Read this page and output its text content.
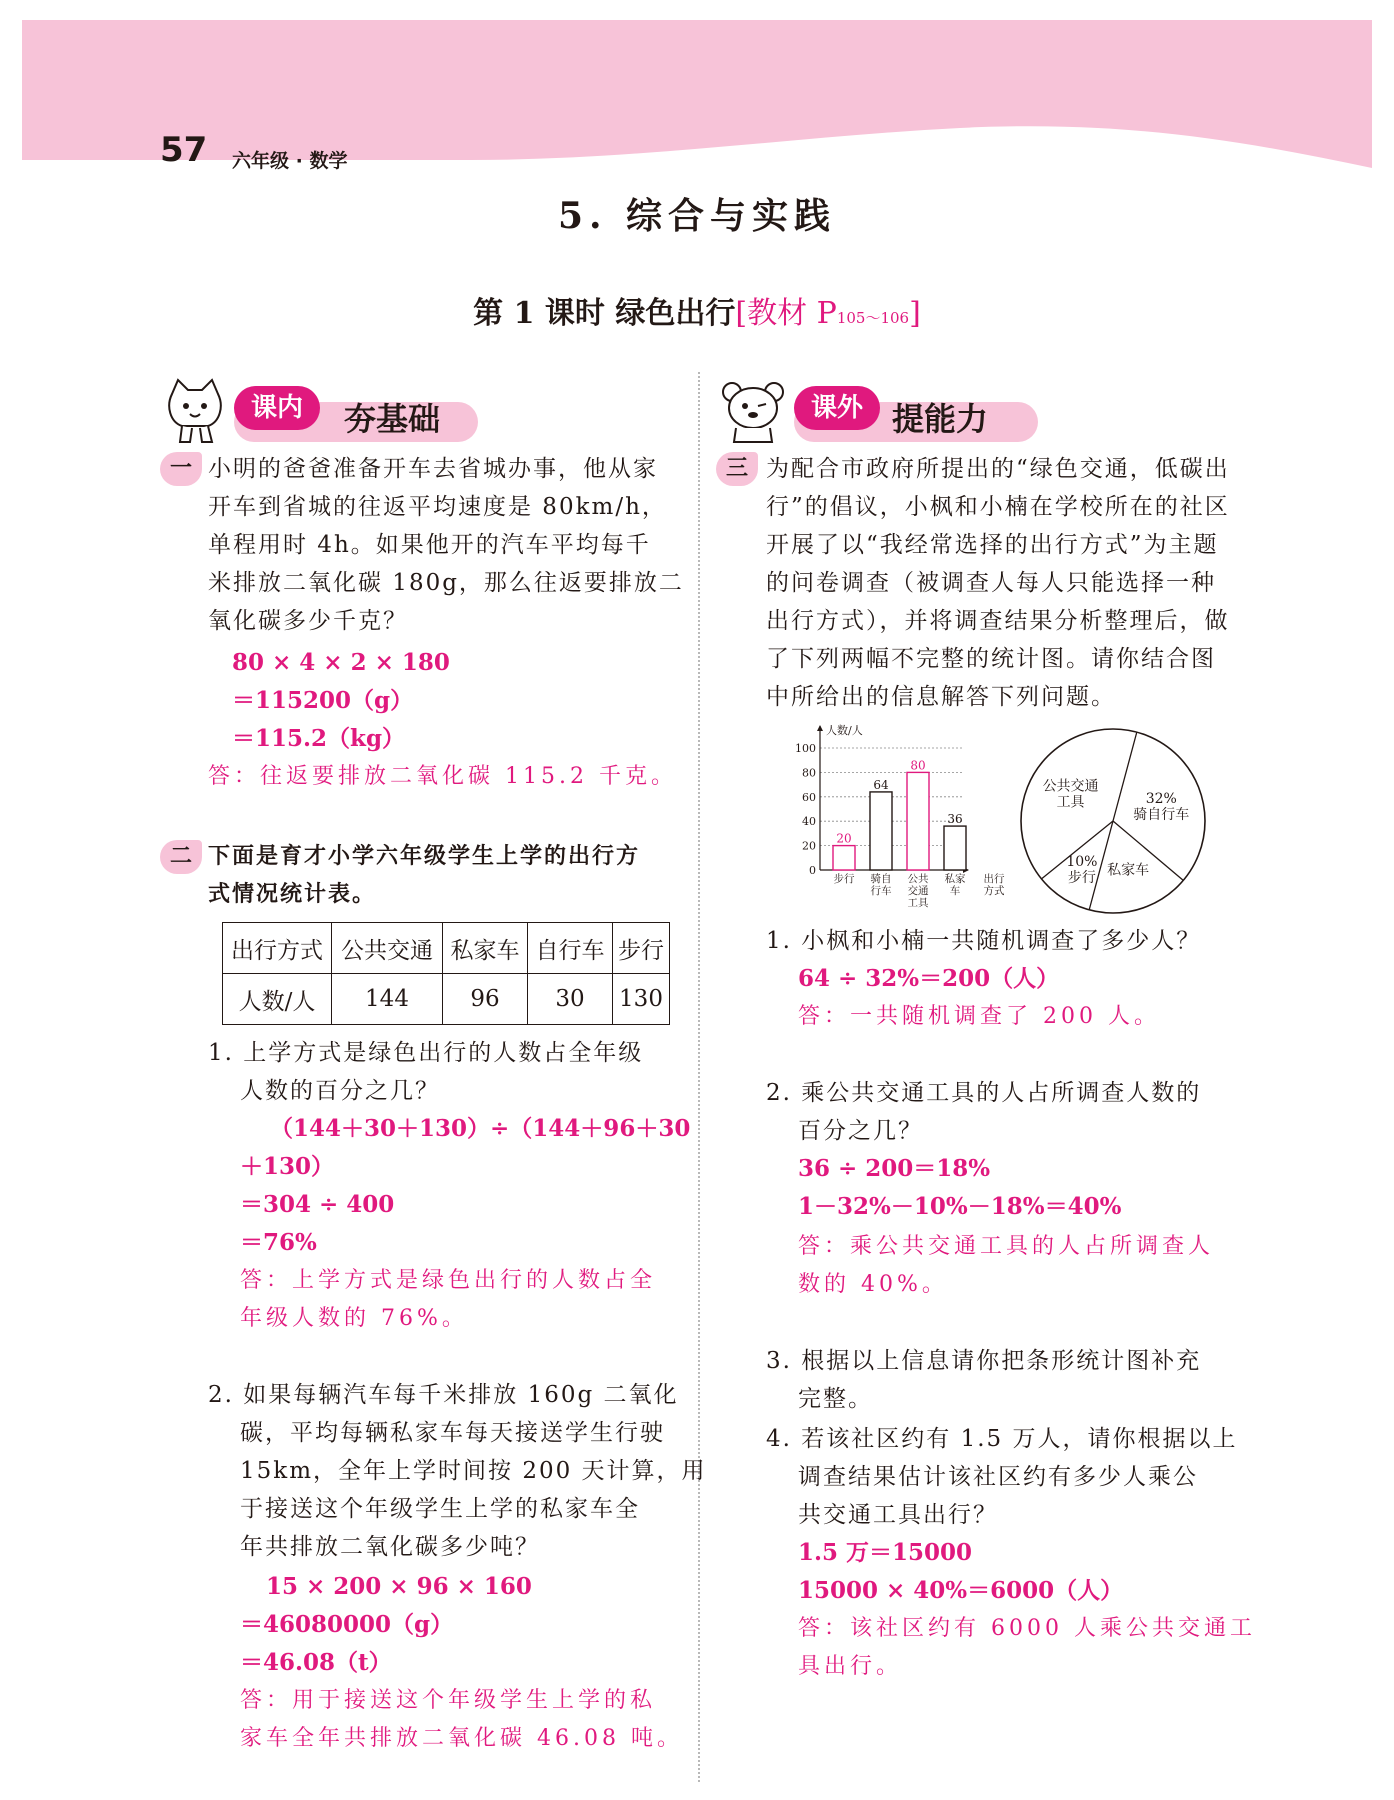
57 六年级 · 数学
5. 综合与实践
第 1 课时 绿色出行[教材 P105～106]
课内	夯基础	课外 提能力
一 小明的爸爸准备开车去省城办事，他从家
开车到省城的往返平均速度是 80km/h，
单程用时 4h。如果他开的汽车平均每千
米排放二氧化碳 180g，那么往返要排放二
氧化碳多少千克？
80 × 4 × 2 × 180
＝115200（g）
＝115.2（kg）
答：往返要排放二氧化碳 115.2 千克。
二 下面是育才小学六年级学生上学的出行方
式情况统计表。
出行方式	公共交通	私家车	自行车	步行
人数/人	144	96	30	130
1. 上学方式是绿色出行的人数占全年级
人数的百分之几？
（144＋30＋130）÷（144＋96＋30
＋130）
＝304 ÷ 400
＝76%
答：上学方式是绿色出行的人数占全
年级人数的 76%。
2. 如果每辆汽车每千米排放 160g 二氧化
碳，平均每辆私家车每天接送学生行驶
15km，全年上学时间按 200 天计算，用
于接送这个年级学生上学的私家车全
年共排放二氧化碳多少吨？
15 × 200 × 96 × 160
＝46080000（g）
＝46.08（t）
答：用于接送这个年级学生上学的私
家车全年共排放二氧化碳 46.08 吨。
三 为配合市政府所提出的“绿色交通，低碳出
行”的倡议，小枫和小楠在学校所在的社区
开展了以“我经常选择的出行方式”为主题
的问卷调查（被调查人每人只能选择一种
出行方式），并将调查结果分析整理后，做
了下列两幅不完整的统计图。请你结合图
中所给出的信息解答下列问题。
人数/人
0
20
40
60
80
100
20
步行
64
骑自
行车
80
公共
交通
工具
36
私家
车
出行
方式
32%
骑自行车
私家车
10%
步行
公共交通
工具
1. 小枫和小楠一共随机调查了多少人？
64 ÷ 32%＝200（人）
答：一共随机调查了 200 人。
2. 乘公共交通工具的人占所调查人数的
百分之几？
36 ÷ 200＝18%
1－32%－10%－18%＝40%
答：乘公共交通工具的人占所调查人
数的 40%。
3. 根据以上信息请你把条形统计图补充
完整。
4. 若该社区约有 1.5 万人，请你根据以上
调查结果估计该社区约有多少人乘公
共交通工具出行？
1.5 万＝15000
15000 × 40%＝6000（人）
答：该社区约有 6000 人乘公共交通工
具出行。
